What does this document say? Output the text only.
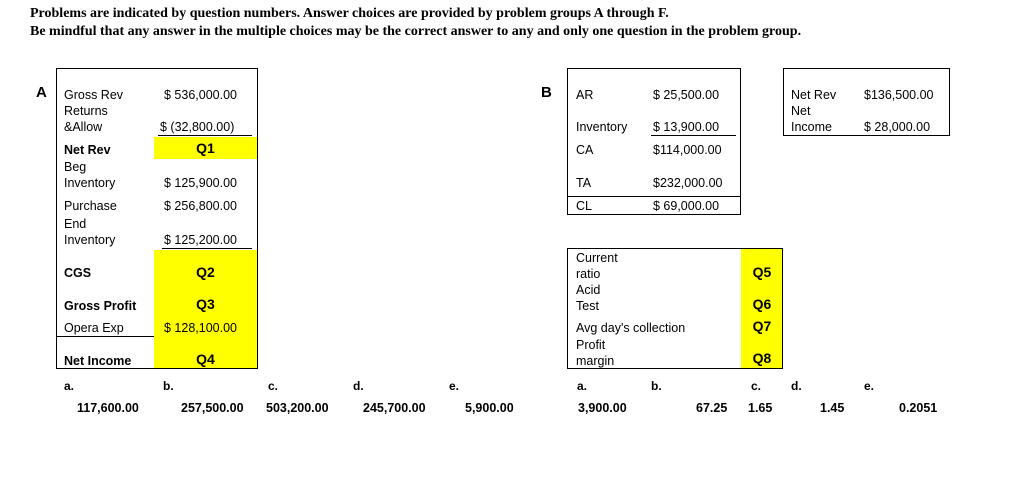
Problems are indicated by question numbers. Answer choices are provided by problem groups A through F.
Be mindful that any answer in the multiple choices may be the correct answer to any and only one question in the problem group.
A Gross Rev	$ 536,000.00
Returns
&Allow	$ (32,800.00)
Net Rev	Q1
Beg
Inventory	$ 125,900.00
Purchase	$ 256,800.00
End
Inventory	$ 125,200.00
CGS	Q2
Gross Profit	Q3
Opera Exp	$ 128,100.00
Net Income	Q4
a.	b.	c.	d.	e.
117,600.00	257,500.00 503,200.00	245,700.00	5,900.00
B AR	$ 25,500.00
Inventory $ 13,900.00
CA	$114,000.00
TA	$232,000.00
CL	$ 69,000.00
Net Rev $136,500.00
Net
Income	$ 28,000.00
Current
ratio	Q5
Acid
Test	Q6
Avg day's collection	Q7
Profit
margin	Q8
a.	b.	c. d.	e.
3,900.00	67.25 1.65	1.45	0.2051
